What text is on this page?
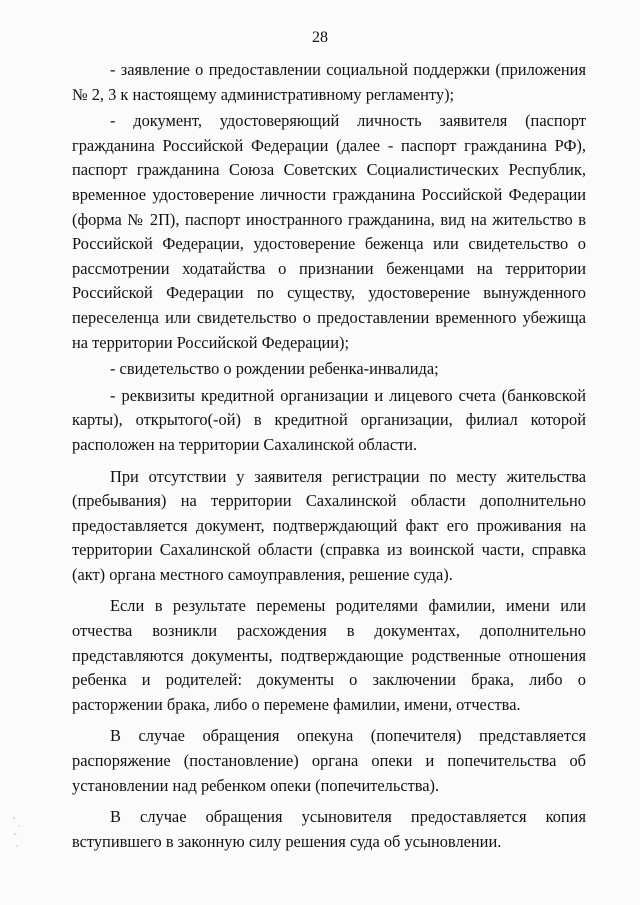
28

- заявление о предоставлении социальной поддержки (приложения № 2, 3 к настоящему административному регламенту);

- документ, удостоверяющий личность заявителя (паспорт гражданина Российской Федерации (далее - паспорт гражданина РФ), паспорт гражданина Союза Советских Социалистических Республик, временное удостоверение личности гражданина Российской Федерации (форма № 2П), паспорт иностранного гражданина, вид на жительство в Российской Федерации, удостоверение беженца или свидетельство о рассмотрении ходатайства о признании беженцами на территории Российской Федерации по существу, удостоверение вынужденного переселенца или свидетельство о предоставлении временного убежища на территории Российской Федерации);

- свидетельство о рождении ребенка-инвалида;

- реквизиты кредитной организации и лицевого счета (банковской карты), открытого(-ой) в кредитной организации, филиал которой расположен на территории Сахалинской области.

При отсутствии у заявителя регистрации по месту жительства (пребывания) на территории Сахалинской области дополнительно предоставляется документ, подтверждающий факт его проживания на территории Сахалинской области (справка из воинской части, справка (акт) органа местного самоуправления, решение суда).

Если в результате перемены родителями фамилии, имени или отчества возникли расхождения в документах, дополнительно представляются документы, подтверждающие родственные отношения ребенка и родителей: документы о заключении брака, либо о расторжении брака, либо о перемене фамилии, имени, отчества.

В случае обращения опекуна (попечителя) представляется распоряжение (постановление) органа опеки и попечительства об установлении над ребенком опеки (попечительства).

В случае обращения усыновителя предоставляется копия вступившего в законную силу решения суда об усыновлении.
